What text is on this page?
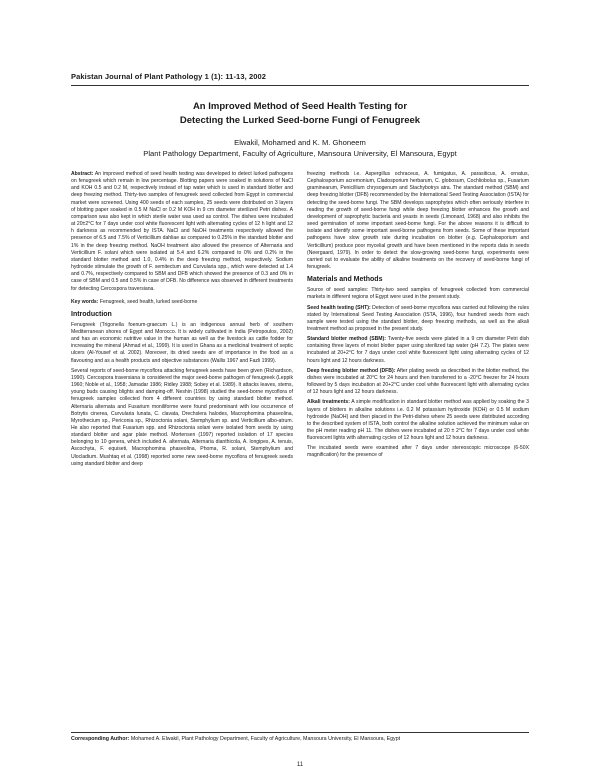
Pakistan Journal of Plant Pathology 1 (1): 11-13, 2002
An Improved Method of Seed Health Testing for
Detecting the Lurked Seed-borne Fungi of Fenugreek
Elwakil, Mohamed and K. M. Ghoneem
Plant Pathology Department, Faculty of Agriculture, Mansoura University, El Mansoura, Egypt

Abstract: An improved method of seed health testing was developed to detect lurked pathogens on fenugreek which remain in low percentage. Blotting papers were soaked in solutions of NaCl and KOH 0.5 and 0.2 M, respectively instead of tap water which is used in standard blotter and deep freezing method. Thirty-two samples of fenugreek seed collected from Egypt in commercial market were screened. Using 400 seeds of each samples, 25 seeds were distributed on 3 layers of blotting paper soaked in 0.5 M NaCl or 0.2 M KOH in 9 cm diameter sterilized Petri dishes. A comparison was also kept in which sterile water was used as control. The dishes were incubated at 20±2°C for 7 days under cool white fluorescent light with alternating cycles of 12 h light and 12 h darkness as recommended by ISTA. NaCl and NaOH treatments respectively allowed the presence of 6.5 and 7.5% of Verticillium dahliae as compared to 0.25% in the standard blotter and 1% in the deep freezing method. NaOH treatment also allowed the presence of Alternaria and Verticillium F. solani which were isolated at 5.4 and 6.2% compared to 0% and 0.2% in the standard blotter method and 1.0, 0.4% in the deep freezing method, respectively. Sodium hydroxide stimulate the growth of F. semitectum and Curvularia spp., which were detected at 1.4 and 0.7%, respectively compared to SBM and DFB which showed the presence of 0.3 and 0% in case of SBM and 0.5 and 0.5% in case of DFB. No difference was observed in different treatments for detecting Cercospora traversiana.

Key words: Fenugreek, seed health, lurked seed-borne

Introduction

Fenugreek (Trigonella foenum-graecum L.) is an indigenous annual herb of southern Mediterranean shores of Egypt and Morocco. It is widely cultivated in India (Petropoulos, 2002) and has an economic nutritive value in the human as well as the livestock as cattle fodder for increasing the mineral (Ahmad et al., 1999). It is used in Ghana as a medicinal treatment of septic ulcers (Al-Yousef et al. 2002). Moreover, its dried seeds are of importance in the food as a flavouring and as a health products and objective substances (Wallis 1967 and Fazli 1999).

Several reports of seed-borne mycoflora attacking fenugreek seeds have been given (Richardson, 1990). Cercospora traversiana is considered the major seed-borne pathogen of fenugreek (Leppik 1960; Noble et al., 1958; Jamadar 1986; Ridley 1988; Sobey et al. 1989). It attacks leaves, stems, young buds causing blights and damping-off. Neshin (1998) studied the seed-borne mycoflora of fenugreek samples collected from 4 different countries by using standard blotter method. Alternaria alternata and Fusarium moniliforme were found predominant with low occurrence of Botrytis cinerea, Curvularia lunata, C. clavata, Drechslera halodes, Macrophomina phaseolina, Myrothecium sp., Periconia sp., Rhizoctonia solani, Stemphylium sp. and Verticillium albo-atrum. He also reported that Fusarium spp. and Rhizoctonia solani were isolated from seeds by using standard blotter and agar plate method. Mortensen (1997) reported isolation of 17 species belonging to 10 genera, which included A. alternata, Alternaria dianthicola, A. longipes, A. tenuis, Ascochyta, F. equiseti, Macrophomina phaseolina, Phoma, R. solani, Stemphylium and Ulocladium. Mushtaq et al. (1998) reported some new seed-borne mycoflora of fenugreek seeds using standard blotter and deep

freezing methods i.e. Aspergillus ochraceus, A. fumigatus, A. parasiticus, A. ornatus, Cephalosporium acremonium, Cladosporium herbarum, C. globosum, Cochliobolus sp., Fusarium graminearum, Penicillium chrysogenum and Stachybotrys atra. The standard method (SBM) and deep freezing blotter (DFB) recommended by the International Seed Testing Association (ISTA) for detecting the seed-borne fungi. The SBM develops saprophytes which often seriously interfere in reading the growth of seed-borne fungi while deep freezing blotter enhances the growth and development of saprophytic bacteria and yeasts in seeds (Limonard, 1968) and also inhibits the seed germination of some important seed-borne fungi. For the above reasons it is difficult to isolate and identify some important seed-borne pathogens from seeds. Some of these important pathogens have slow growth rate during incubation on blotter (e.g. Cephalosporium and Verticillium) produce poor mycelial growth and have been mentioned in the reports data in seeds (Neergaard, 1979). In order to detect the slow-growing seed-borne fungi, experiments were carried out to evaluate the ability of alkaline treatments on the recovery of seed-borne fungi of fenugreek.

Materials and Methods

Source of seed samples: Thirty-two seed samples of fenugreek collected from commercial markets in different regions of Egypt were used in the present study.

Seed health testing (SHT): Detection of seed-borne mycoflora was carried out following the rules stated by International Seed Testing Association (ISTA, 1996), four hundred seeds from each sample were tested using the standard blotter, deep freezing methods, as well as the alkali treatment method as proposed in the present study.

Standard blotter method (SBM): Twenty-five seeds were plated in a 9 cm diameter Petri dish containing three layers of moist blotter paper using sterilized tap water (pH 7.2). The plates were incubated at 20+2°C for 7 days under cool white fluorescent light using alternating cycles of 12 hours light and 12 hours darkness.

Deep freezing blotter method (DFB): After plating seeds as described in the blotter method, the dishes were incubated at 20°C for 24 hours and then transferred to a -20°C freezer for 24 hours followed by 5 days incubation at 20+2°C under cool white fluorescent light with alternating cycles of 12 hours light and 12 hours darkness.

Alkali treatments: A simple modification in standard blotter method was applied by soaking the 3 layers of blotters in alkaline solutions i.e. 0.2 M potassium hydroxide (KOH) or 0.5 M sodium hydroxide (NaOH) and then placed in the Petri-dishes where 25 seeds were distributed according to the described system of ISTA, both control the alkaline solution achieved the minimum value on the pH meter reading pH 11. The dishes were incubated at 20 ± 2°C for 7 days under cool white fluorescent lights with alternating cycles of 12 hours light and 12 hours darkness.

The incubated seeds were examined after 7 days under stereoscopic microscope (6-50X magnification) for the presence of

Corresponding Author: Mohamed A. Elwakil, Plant Pathology Department, Faculty of Agriculture, Mansoura University, El Mansoura, Egypt
11
